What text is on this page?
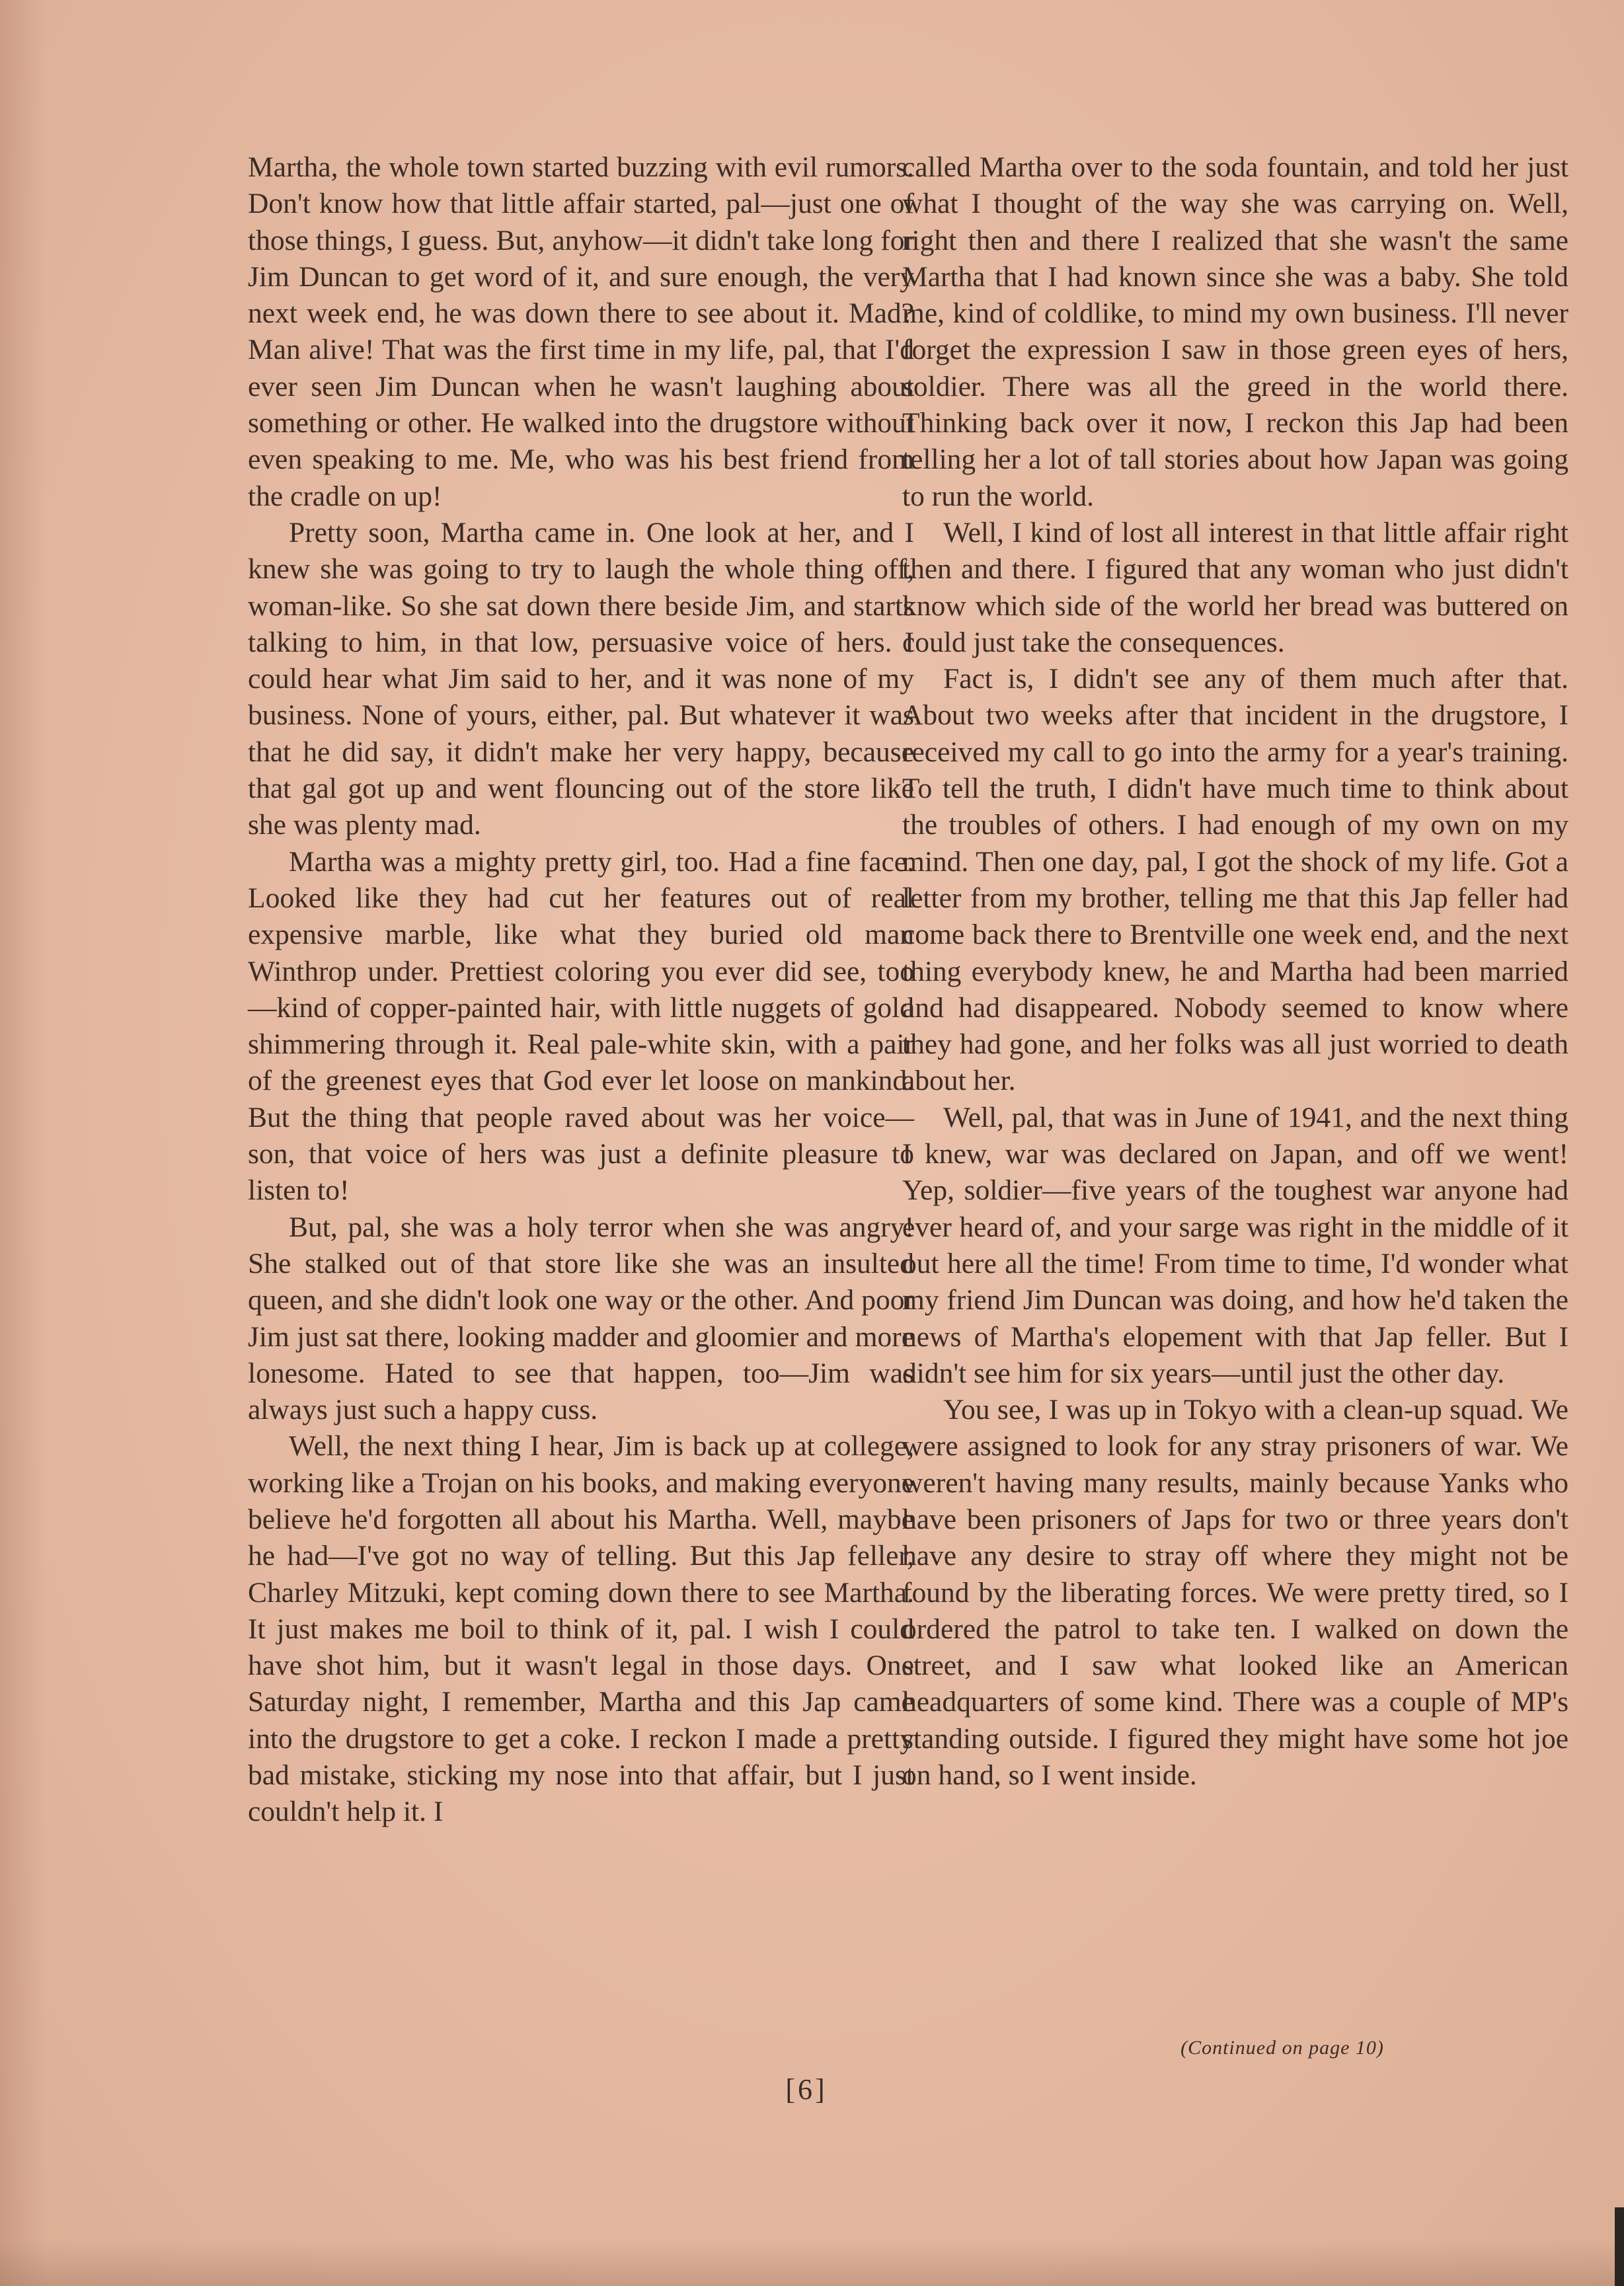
Martha, the whole town started buzzing with evil rumors. Don't know how that little affair started, pal—just one of those things, I guess. But, anyhow—it didn't take long for Jim Duncan to get word of it, and sure enough, the very next week end, he was down there to see about it. Mad? Man alive! That was the first time in my life, pal, that I'd ever seen Jim Duncan when he wasn't laughing about something or other. He walked into the drugstore without even speaking to me. Me, who was his best friend from the cradle on up!

Pretty soon, Martha came in. One look at her, and I knew she was going to try to laugh the whole thing off, woman-like. So she sat down there beside Jim, and starts talking to him, in that low, persuasive voice of hers. I could hear what Jim said to her, and it was none of my business. None of yours, either, pal. But whatever it was that he did say, it didn't make her very happy, because that gal got up and went flouncing out of the store like she was plenty mad.

Martha was a mighty pretty girl, too. Had a fine face. Looked like they had cut her features out of real expensive marble, like what they buried old man Winthrop under. Prettiest coloring you ever did see, too—kind of copper-painted hair, with little nuggets of gold shimmering through it. Real pale-white skin, with a pair of the greenest eyes that God ever let loose on mankind. But the thing that people raved about was her voice—son, that voice of hers was just a definite pleasure to listen to!

But, pal, she was a holy terror when she was angry! She stalked out of that store like she was an insulted queen, and she didn't look one way or the other. And poor Jim just sat there, looking madder and gloomier and more lonesome. Hated to see that happen, too—Jim was always just such a happy cuss.

Well, the next thing I hear, Jim is back up at college, working like a Trojan on his books, and making everyone believe he'd forgotten all about his Martha. Well, maybe he had—I've got no way of telling. But this Jap feller, Charley Mitzuki, kept coming down there to see Martha. It just makes me boil to think of it, pal. I wish I could have shot him, but it wasn't legal in those days. One Saturday night, I remember, Martha and this Jap came into the drugstore to get a coke. I reckon I made a pretty bad mistake, sticking my nose into that affair, but I just couldn't help it. I

called Martha over to the soda fountain, and told her just what I thought of the way she was carrying on. Well, right then and there I realized that she wasn't the same Martha that I had known since she was a baby. She told me, kind of coldlike, to mind my own business. I'll never forget the expression I saw in those green eyes of hers, soldier. There was all the greed in the world there. Thinking back over it now, I reckon this Jap had been telling her a lot of tall stories about how Japan was going to run the world.

Well, I kind of lost all interest in that little affair right then and there. I figured that any woman who just didn't know which side of the world her bread was buttered on could just take the consequences.

Fact is, I didn't see any of them much after that. About two weeks after that incident in the drugstore, I received my call to go into the army for a year's training. To tell the truth, I didn't have much time to think about the troubles of others. I had enough of my own on my mind. Then one day, pal, I got the shock of my life. Got a letter from my brother, telling me that this Jap feller had come back there to Brentville one week end, and the next thing everybody knew, he and Martha had been married and had disappeared. Nobody seemed to know where they had gone, and her folks was all just worried to death about her.

Well, pal, that was in June of 1941, and the next thing I knew, war was declared on Japan, and off we went! Yep, soldier—five years of the toughest war anyone had ever heard of, and your sarge was right in the middle of it out here all the time! From time to time, I'd wonder what my friend Jim Duncan was doing, and how he'd taken the news of Martha's elopement with that Jap feller. But I didn't see him for six years—until just the other day.

You see, I was up in Tokyo with a clean-up squad. We were assigned to look for any stray prisoners of war. We weren't having many results, mainly because Yanks who have been prisoners of Japs for two or three years don't have any desire to stray off where they might not be found by the liberating forces. We were pretty tired, so I ordered the patrol to take ten. I walked on down the street, and I saw what looked like an American headquarters of some kind. There was a couple of MP's standing outside. I figured they might have some hot joe on hand, so I went inside.

(Continued on page 10)
[6]
